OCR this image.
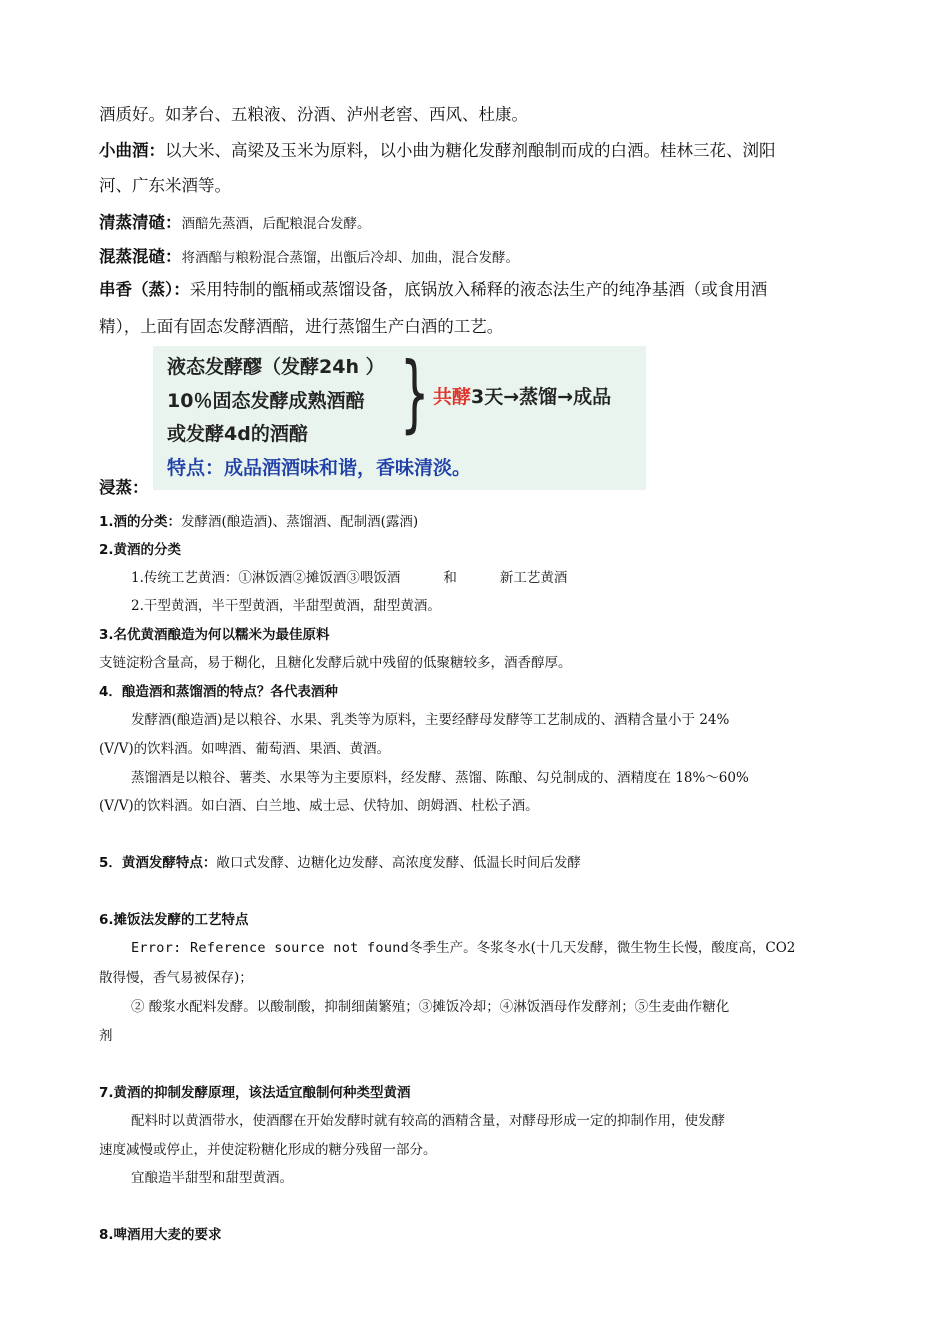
酒质好。如茅台、五粮液、汾酒、泸州老窖、西风、杜康。

小曲酒：以大米、高梁及玉米为原料，以小曲为糖化发酵剂酿制而成的白酒。桂林三花、浏阳

河、广东米酒等。

清蒸清碴：酒醅先蒸酒，后配粮混合发酵。

混蒸混碴：将酒醅与粮粉混合蒸馏，出甑后冷却、加曲，混合发酵。

串香（蒸）：采用特制的甑桶或蒸馏设备，底锅放入稀释的液态法生产的纯净基酒（或食用酒

精），上面有固态发酵酒醅，进行蒸馏生产白酒的工艺。

液态发酵醪（发酵24h ）
10％固态发酵成熟酒醅
或发酵4d的酒醅 } 共酵3天→蒸馏→成品
特点：成品酒酒味和谐，香味清淡。

浸蒸：

1.酒的分类：发酵酒(酿造酒)、蒸馏酒、配制酒(露酒)

2.黄酒的分类

1.传统工艺黄酒：①淋饭酒②摊饭酒③喂饭酒	和	新工艺黄酒

2.干型黄酒，半干型黄酒，半甜型黄酒，甜型黄酒。

3.名优黄酒酿造为何以糯米为最佳原料

支链淀粉含量高，易于糊化，且糖化发酵后就中残留的低聚糖较多，酒香醇厚。

4．酿造酒和蒸馏酒的特点？各代表酒种

发酵酒(酿造酒)是以粮谷、水果、乳类等为原料，主要经酵母发酵等工艺制成的、酒精含量小于 24%

(V/V)的饮料酒。如啤酒、葡萄酒、果酒、黄酒。

蒸馏酒是以粮谷、薯类、水果等为主要原料，经发酵、蒸馏、陈酿、勾兑制成的、酒精度在 18%～60%

(V/V)的饮料酒。如白酒、白兰地、威士忌、伏特加、朗姆酒、杜松子酒。

5．黄酒发酵特点：敞口式发酵、边糖化边发酵、高浓度发酵、低温长时间后发酵

6.摊饭法发酵的工艺特点

Error: Reference source not found冬季生产。冬浆冬水(十几天发酵，微生物生长慢，酸度高，CO2

散得慢，香气易被保存)；

② 酸浆水配料发酵。以酸制酸，抑制细菌繁殖；③摊饭冷却；④淋饭酒母作发酵剂；⑤生麦曲作糖化

剂

7.黄酒的抑制发酵原理，该法适宜酿制何种类型黄酒

配料时以黄酒带水，使酒醪在开始发酵时就有较高的酒精含量，对酵母形成一定的抑制作用，使发酵

速度减慢或停止，并使淀粉糖化形成的糖分残留一部分。

宜酿造半甜型和甜型黄酒。

8.啤酒用大麦的要求
